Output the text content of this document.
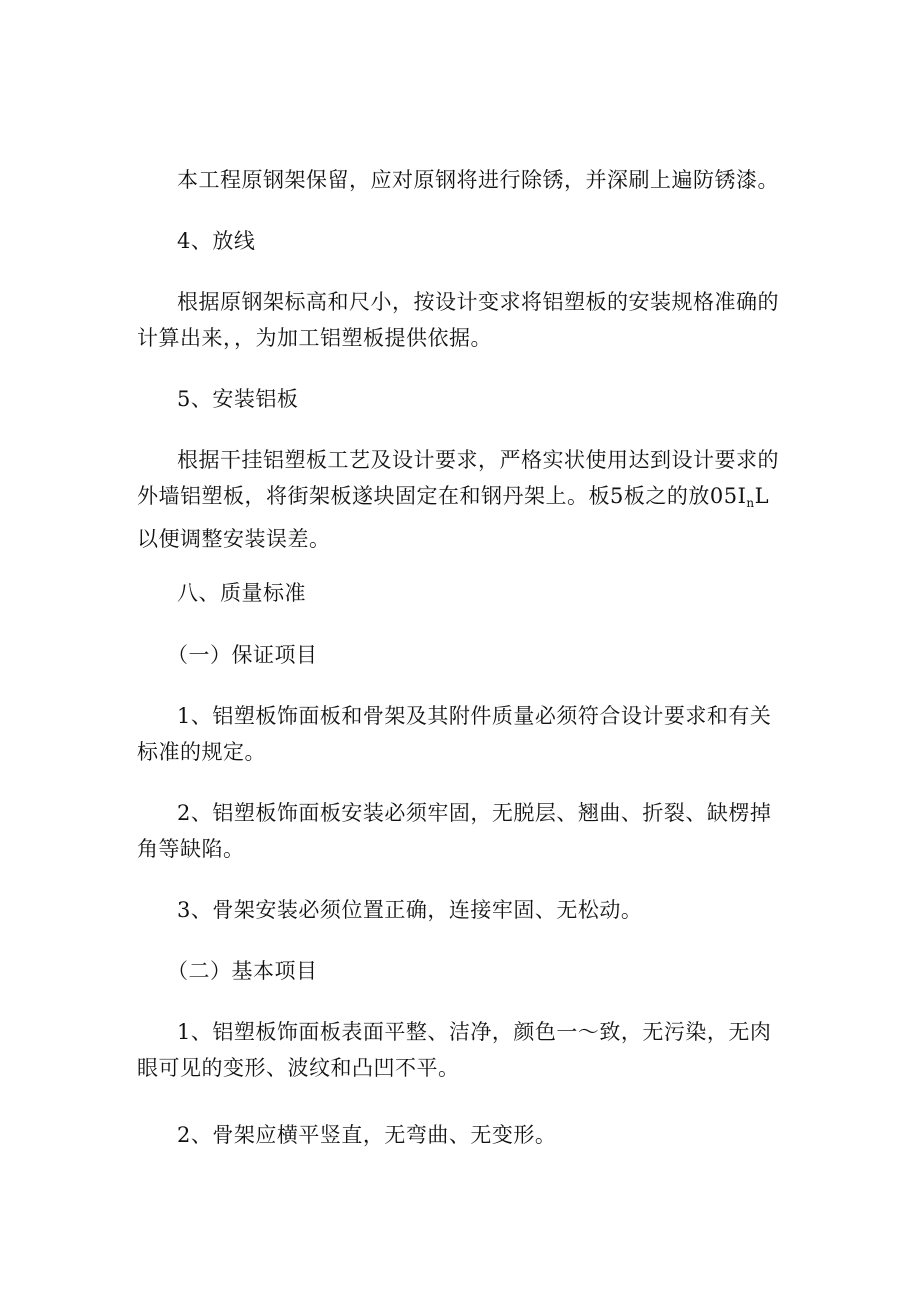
本工程原钢架保留，应对原钢将进行除锈，并深刷上遍防锈漆。
4、放线
根据原钢架标高和尺小，按设计变求将铝塑板的安装规格准确的
计算出来，，为加工铝塑板提供依据。
5、安装铝板
根据干挂铝塑板工艺及设计要求，严格实状使用达到设计要求的
外墙铝塑板，将街架板遂块固定在和钢丹架上。板5板之的放$05I_nL$
以便调整安装误差。
八、质量标准
（一）保证项目
1、铝塑板饰面板和骨架及其附件质量必须符合设计要求和有关
标准的规定。
2、铝塑板饰面板安装必须牢固，无脱层、翘曲、折裂、缺楞掉
角等缺陷。
3、骨架安装必须位置正确，连接牢固、无松动。
（二）基本项目
1、铝塑板饰面板表面平整、洁净，颜色一～致，无污染，无肉
眼可见的变形、波纹和凸凹不平。
2、骨架应横平竖直，无弯曲、无变形。
